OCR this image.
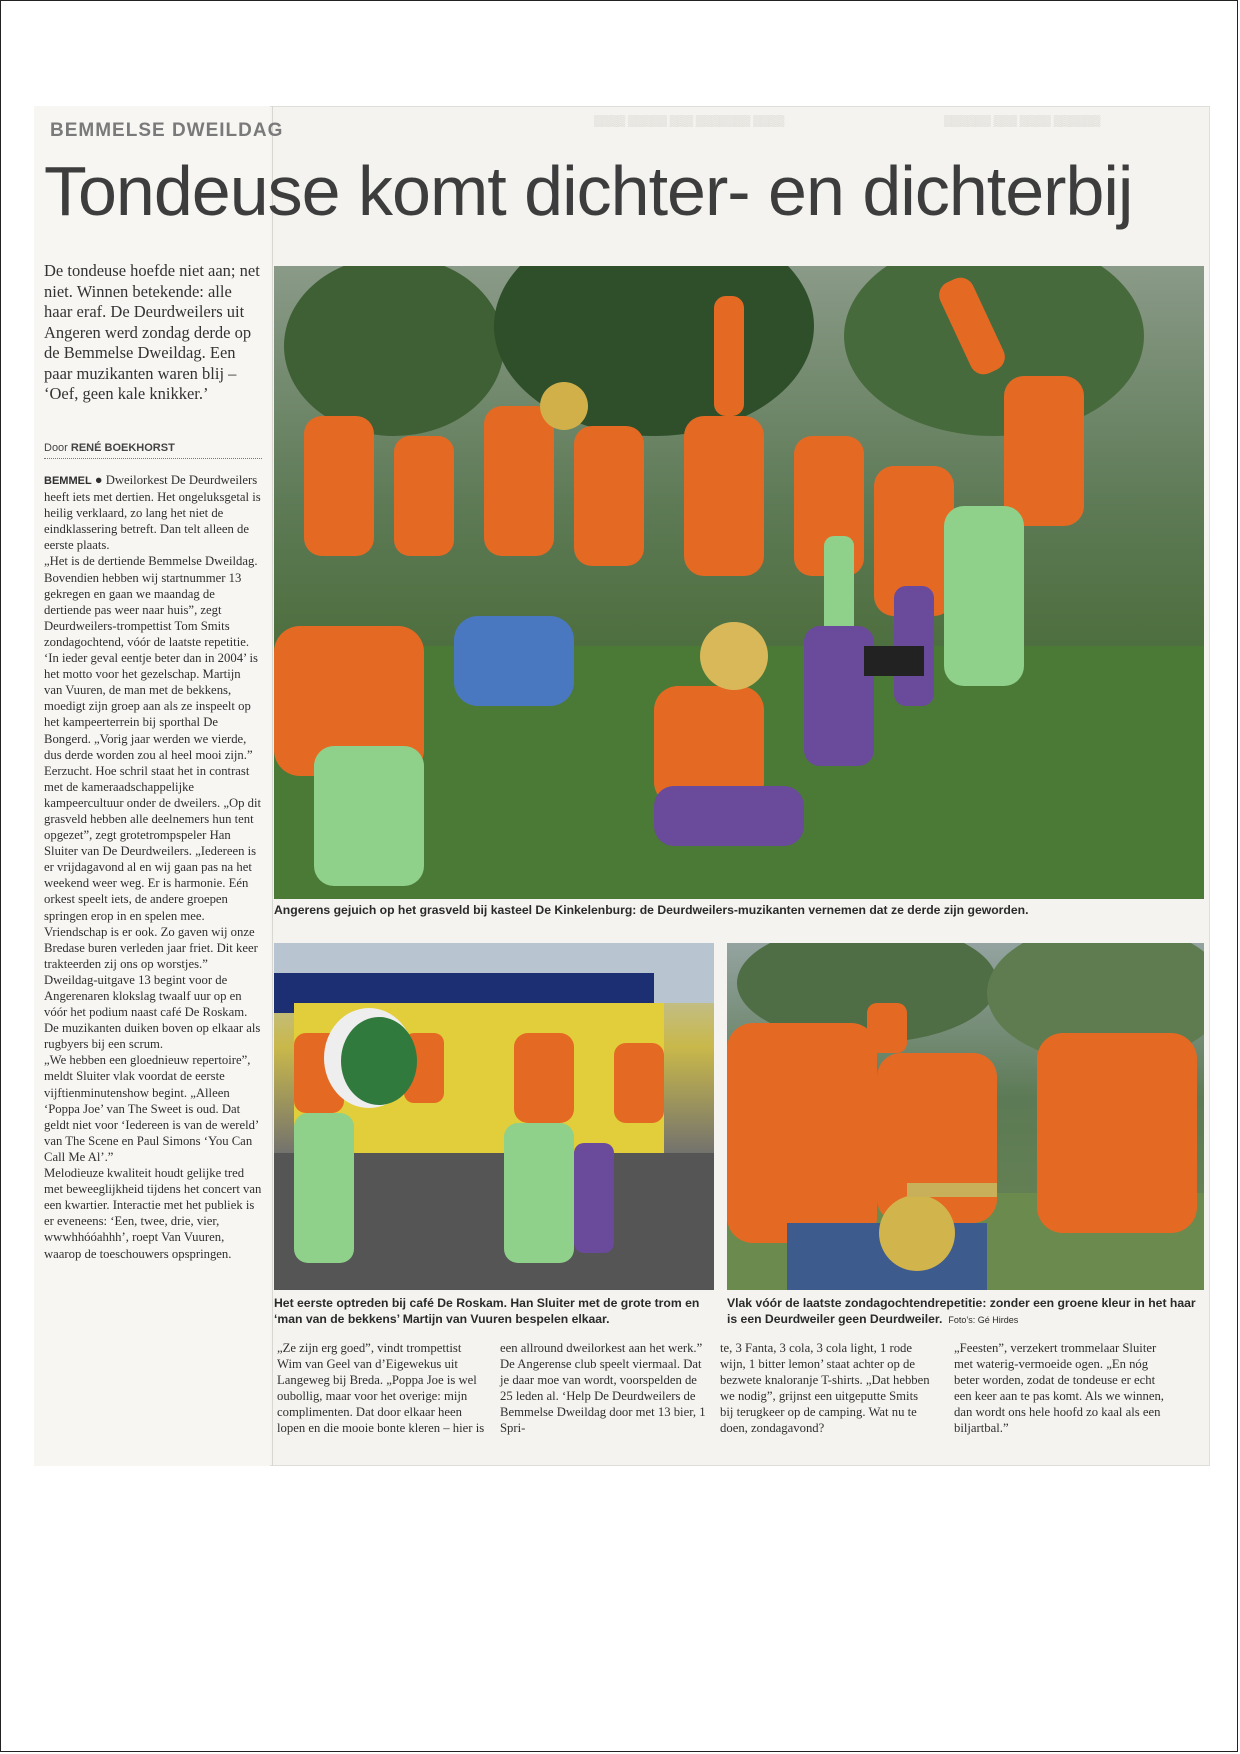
▒▒▒▒ ▒▒▒▒▒ ▒▒▒ ▒▒▒▒▒▒▒ ▒▒▒▒	▒▒▒▒▒▒ ▒▒▒ ▒▒▒▒ ▒▒▒▒▒▒
BEMMELSE DWEILDAG
Tondeuse komt dichter- en dichterbij
De tondeuse hoefde niet aan; net niet. Winnen betekende: alle haar eraf. De Deurdweilers uit Angeren werd zondag derde op de Bemmelse Dweildag. Een paar muzikanten waren blij – ‘Oef, geen kale knikker.’
Door RENÉ BOEKHORST

BEMMEL ● Dweilorkest De Deurdweilers heeft iets met dertien. Het ongeluksgetal is heilig verklaard, zo lang het niet de eindklassering betreft. Dan telt alleen de eerste plaats.

„Het is de dertiende Bemmelse Dweildag. Bovendien hebben wij startnummer 13 gekregen en gaan we maandag de dertiende pas weer naar huis”, zegt Deurdweilers-trompettist Tom Smits zondagochtend, vóór de laatste repetitie.

‘In ieder geval eentje beter dan in 2004’ is het motto voor het gezelschap. Martijn van Vuuren, de man met de bekkens, moedigt zijn groep aan als ze inspeelt op het kampeerterrein bij sporthal De Bongerd. „Vorig jaar werden we vierde, dus derde worden zou al heel mooi zijn.”

Eerzucht. Hoe schril staat het in contrast met de kameraadschappelijke kampeercultuur onder de dweilers. „Op dit grasveld hebben alle deelnemers hun tent opgezet”, zegt grotetrompspeler Han Sluiter van De Deurdweilers. „Iedereen is er vrijdagavond al en wij gaan pas na het weekend weer weg. Er is harmonie. Eén orkest speelt iets, de andere groepen springen erop in en spelen mee. Vriendschap is er ook. Zo gaven wij onze Bredase buren verleden jaar friet. Dit keer trakteerden zij ons op worstjes.”

Dweildag-uitgave 13 begint voor de Angerenaren klokslag twaalf uur op en vóór het podium naast café De Roskam. De muzikanten duiken boven op elkaar als rugbyers bij een scrum.

„We hebben een gloednieuw repertoire”, meldt Sluiter vlak voordat de eerste vijftienminutenshow begint. „Alleen ‘Poppa Joe’ van The Sweet is oud. Dat geldt niet voor ‘Iedereen is van de wereld’ van The Scene en Paul Simons ‘You Can Call Me Al’.”

Melodieuze kwaliteit houdt gelijke tred met beweeglijkheid tijdens het concert van een kwartier. Interactie met het publiek is er eveneens: ‘Een, twee, drie, vier, wwwhhóóahhh’, roept Van Vuuren, waarop de toeschouwers opspringen.

Angerens gejuich op het grasveld bij kasteel De Kinkelenburg: de Deurdweilers-muzikanten vernemen dat ze derde zijn geworden.
Het eerste optreden bij café De Roskam. Han Sluiter met de grote trom en ‘man van de bekkens’ Martijn van Vuuren bespelen elkaar.
Vlak vóór de laatste zondagochtendrepetitie: zonder een groene kleur in het haar is een Deurdweiler geen Deurdweiler. Foto’s: Gé Hirdes
„Ze zijn erg goed”, vindt trompettist Wim van Geel van d’Eigewekus uit Langeweg bij Breda. „Poppa Joe is wel oubollig, maar voor het overige: mijn complimenten. Dat door elkaar heen lopen en die mooie bonte kleren – hier is
een allround dweilorkest aan het werk.” De Angerense club speelt viermaal. Dat je daar moe van wordt, voorspelden de 25 leden al. ‘Help De Deurdweilers de Bemmelse Dweildag door met 13 bier, 1 Spri-
te, 3 Fanta, 3 cola, 3 cola light, 1 rode wijn, 1 bitter lemon’ staat achter op de bezwete knaloranje T-shirts. „Dat hebben we nodig”, grijnst een uitgeputte Smits bij terugkeer op de camping. Wat nu te doen, zondagavond?
„Feesten”, verzekert trommelaar Sluiter met waterig-vermoeide ogen. „En nóg beter worden, zodat de tondeuse er echt een keer aan te pas komt. Als we winnen, dan wordt ons hele hoofd zo kaal als een biljartbal.”
